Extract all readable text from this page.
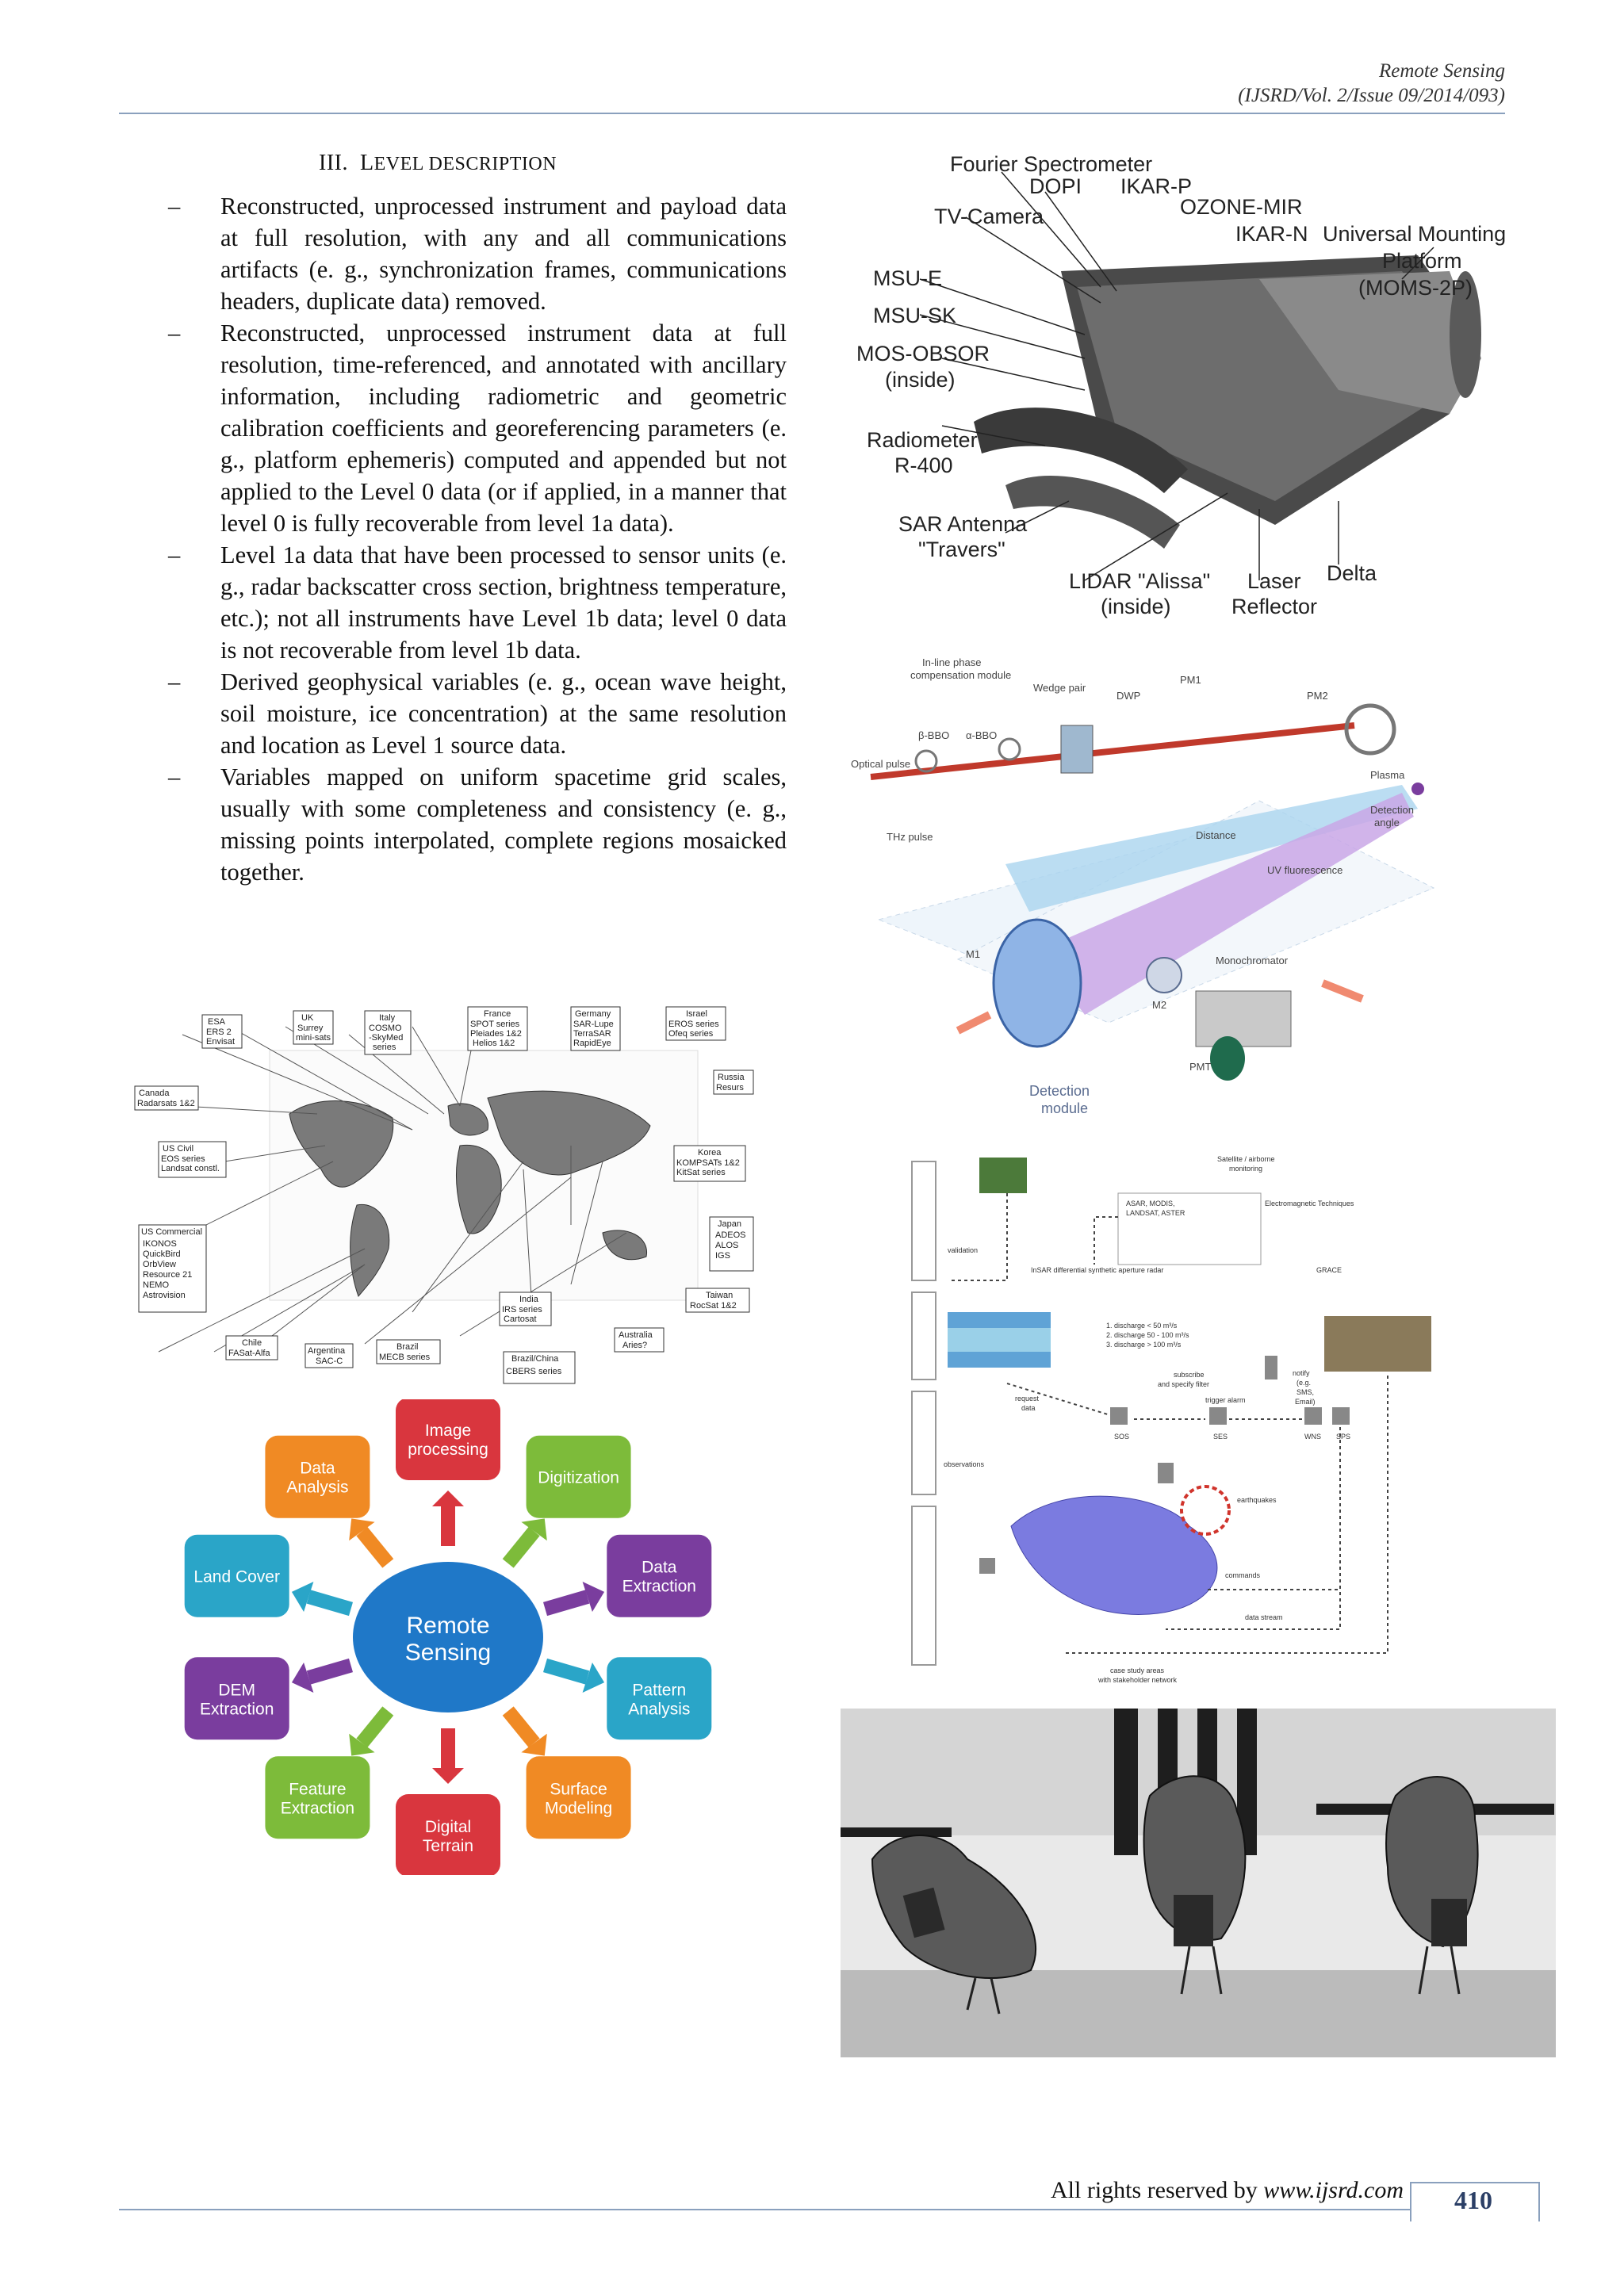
Remote Sensing
(IJSRD/Vol. 2/Issue 09/2014/093)
III. LEVEL DESCRIPTION
– Reconstructed, unprocessed instrument and payload data at full resolution, with any and all communications artifacts (e. g., synchronization frames, communications headers, duplicate data) removed.
– Reconstructed, unprocessed instrument data at full resolution, time-referenced, and annotated with ancillary information, including radiometric and geometric calibration coefficients and georeferencing parameters (e. g., platform ephemeris) computed and appended but not applied to the Level 0 data (or if applied, in a manner that level 0 is fully recoverable from level 1a data).
– Level 1a data that have been processed to sensor units (e. g., radar backscatter cross section, brightness temperature, etc.); not all instruments have Level 1b data; level 0 data is not recoverable from level 1b data.
– Derived geophysical variables (e. g., ocean wave height, soil moisture, ice concentration) at the same resolution and location as Level 1 source data.
– Variables mapped on uniform spacetime grid scales, usually with some completeness and consistency (e. g., missing points interpolated, complete regions mosaicked together.
Fourier Spectrometer
DOPI IKAR-P
OZONE-MIR
TV-Camera
IKAR-N Universal Mounting
Platform
(MOMS-2P)
MSU-E
MSU-SK
MOS-OBSOR
(inside)
Radiometer
R-400
SAR Antenna
"Travers"
LIDAR "Alissa"
(inside)
Laser
Reflector
Delta
In-line phase
compensation module
Wedge pair
DWP
PM1
PM2
Optical pulse
β-BBO α-BBO
Plasma
Detection
angle
THz pulse	Distance
UV fluorescence
M1
M2
Monochromator
PMT
Detection
module
ESA
ERS 2
Envisat
UK
Surrey
mini-sats
Italy
COSMO
-SkyMed
series
France
SPOT series
Pleiades 1&2
Helios 1&2
Germany
SAR-Lupe
TerraSAR
RapidEye
Israel
EROS series
Ofeq series
Canada
Radarsats 1&2
Russia
Resurs
US Civil
EOS series
Landsat constl.
Korea
KOMPSATs 1&2
KitSat series
US Commercial
IKONOS
QuickBird
OrbView
Resource 21
NEMO
Astrovision
Japan
ADEOS
ALOS
IGS
India
IRS series
Cartosat
Taiwan
RocSat 1&2
Chile
FASat-Alfa	Argentina
SAC-C
Brazil
MECB series	Brazil/China
CBERS series
Australia
Aries?
Image
processing
Digitization
Data
Extraction
Pattern
Analysis
Surface
Modeling
Digital
Terrain
Feature
Extraction
DEM
Extraction
Land Cover
Data
Analysis
Remote
Sensing
Satellite / airborne
monitoring
ASAR, MODIS,
LANDSAT, ASTER
Electromagnetic Techniques
InSAR differential synthetic aperture radar	GRACE
1. discharge < 50 m³/s
2. discharge 50 - 100 m³/s
3. discharge > 100 m³/s
subscribe
and specify filter
trigger alarm
notify
(e.g.
SMS,
Email)
request
data
SOS	SES	WNS SPS
observations
earthquakes
commands
data stream
case study areas
with stakeholder network
validation
All rights reserved by www.ijsrd.com	410
